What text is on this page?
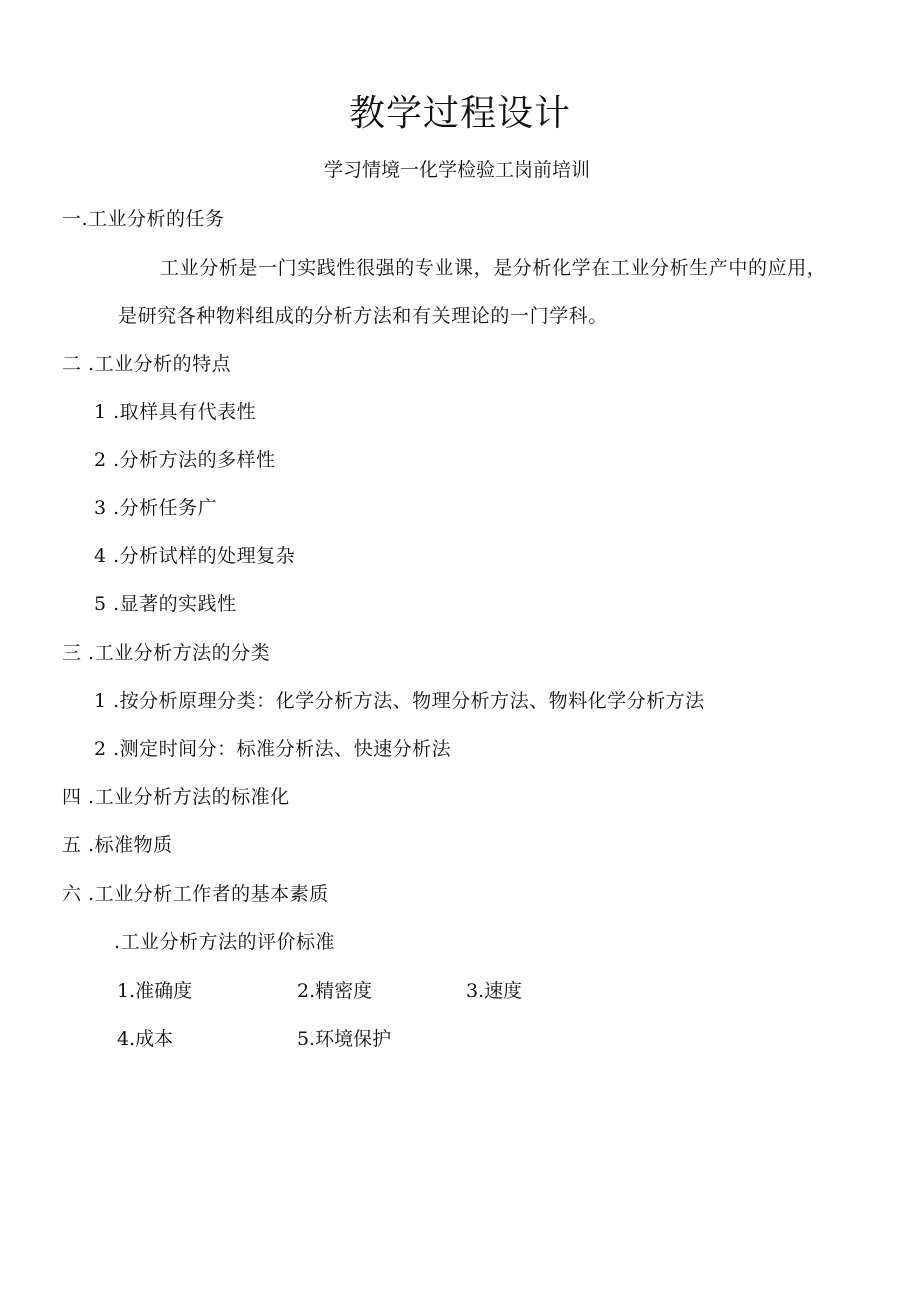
教学过程设计
学习情境一化学检验工岗前培训
一.工业分析的任务
工业分析是一门实践性很强的专业课，是分析化学在工业分析生产中的应用，
是研究各种物料组成的分析方法和有关理论的一门学科。
二 .工业分析的特点
1 .取样具有代表性
2 .分析方法的多样性
3 .分析任务广
4 .分析试样的处理复杂
5 .显著的实践性
三 .工业分析方法的分类
1 .按分析原理分类：化学分析方法、物理分析方法、物料化学分析方法
2 .测定时间分：标准分析法、快速分析法
四 .工业分析方法的标准化
五 .标准物质
六 .工业分析工作者的基本素质
.工业分析方法的评价标准
1.准确度	2.精密度	3.速度
4.成本	5.环境保护
